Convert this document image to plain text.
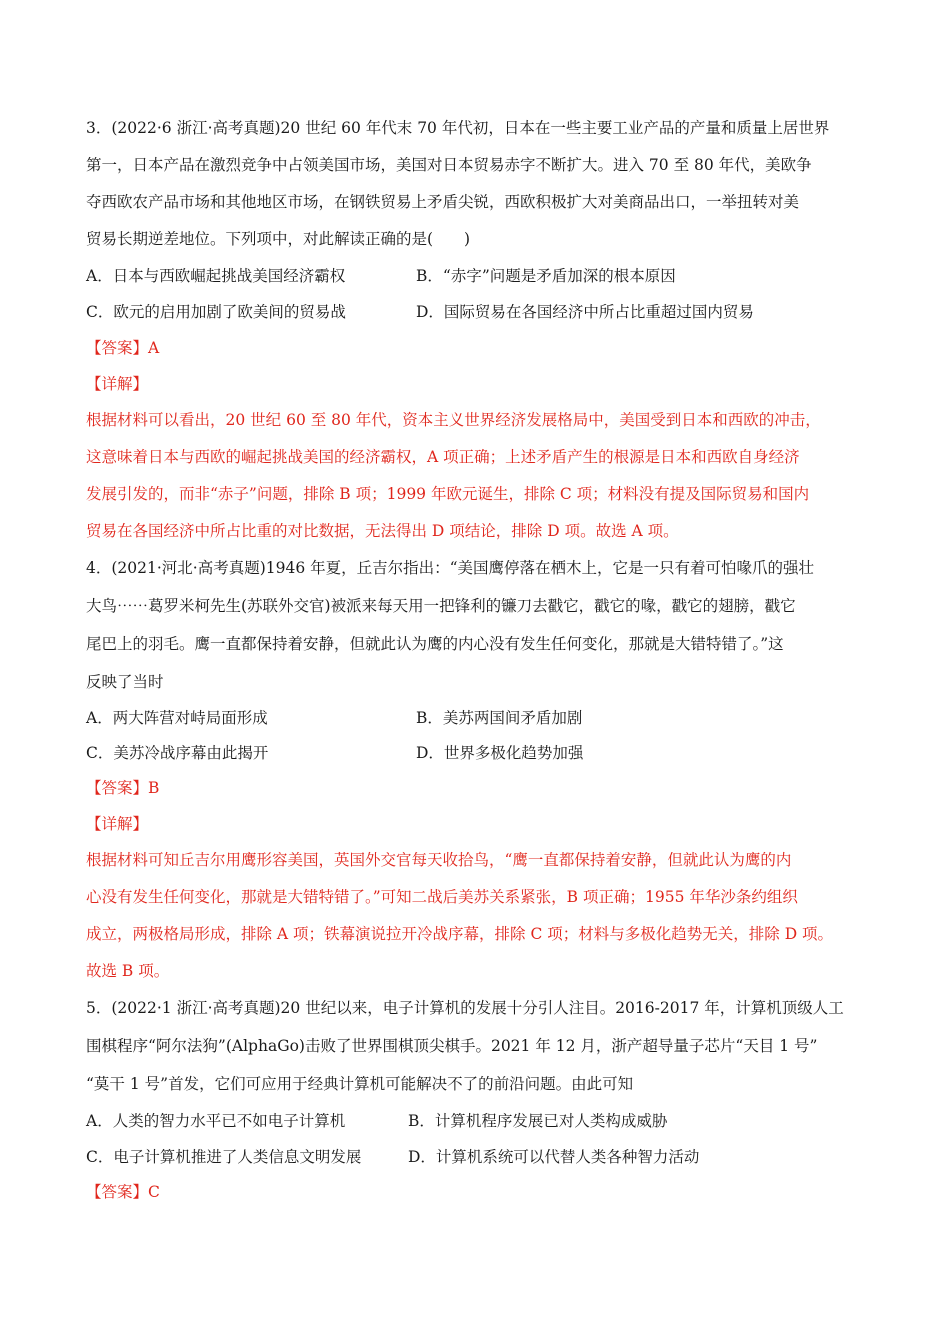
3．(2022·6 浙江·高考真题)20 世纪 60 年代末 70 年代初，日本在一些主要工业产品的产量和质量上居世界
第一，日本产品在激烈竞争中占领美国市场，美国对日本贸易赤字不断扩大。进入 70 至 80 年代，美欧争
夺西欧农产品市场和其他地区市场，在钢铁贸易上矛盾尖锐，西欧积极扩大对美商品出口，一举扭转对美
贸易长期逆差地位。下列项中，对此解读正确的是(　　)
A．日本与西欧崛起挑战美国经济霸权	B．“赤字”问题是矛盾加深的根本原因
C．欧元的启用加剧了欧美间的贸易战	D．国际贸易在各国经济中所占比重超过国内贸易
【答案】A
【详解】
根据材料可以看出，20 世纪 60 至 80 年代，资本主义世界经济发展格局中，美国受到日本和西欧的冲击，
这意味着日本与西欧的崛起挑战美国的经济霸权，A 项正确；上述矛盾产生的根源是日本和西欧自身经济
发展引发的，而非“赤子”问题，排除 B 项；1999 年欧元诞生，排除 C 项；材料没有提及国际贸易和国内
贸易在各国经济中所占比重的对比数据，无法得出 D 项结论，排除 D 项。故选 A 项。
4．(2021·河北·高考真题)1946 年夏，丘吉尔指出：“美国鹰停落在栖木上，它是一只有着可怕喙爪的强壮
大鸟⋯⋯葛罗米柯先生(苏联外交官)被派来每天用一把锋利的镰刀去戳它，戳它的喙，戳它的翅膀，戳它
尾巴上的羽毛。鹰一直都保持着安静，但就此认为鹰的内心没有发生任何变化，那就是大错特错了。”这
反映了当时
A．两大阵营对峙局面形成	B．美苏两国间矛盾加剧
C．美苏冷战序幕由此揭开	D．世界多极化趋势加强
【答案】B
【详解】
根据材料可知丘吉尔用鹰形容美国，英国外交官每天收拾鸟，“鹰一直都保持着安静，但就此认为鹰的内
心没有发生任何变化，那就是大错特错了。”可知二战后美苏关系紧张，B 项正确；1955 年华沙条约组织
成立，两极格局形成，排除 A 项；铁幕演说拉开冷战序幕，排除 C 项；材料与多极化趋势无关，排除 D 项。
故选 B 项。
5．(2022·1 浙江·高考真题)20 世纪以来，电子计算机的发展十分引人注目。2016-2017 年，计算机顶级人工
围棋程序“阿尔法狗”(AlphaGo)击败了世界围棋顶尖棋手。2021 年 12 月，浙产超导量子芯片“天目 1 号”
“莫干 1 号”首发，它们可应用于经典计算机可能解决不了的前沿问题。由此可知
A．人类的智力水平已不如电子计算机	B．计算机程序发展已对人类构成威胁
C．电子计算机推进了人类信息文明发展	D．计算机系统可以代替人类各种智力活动
【答案】C
